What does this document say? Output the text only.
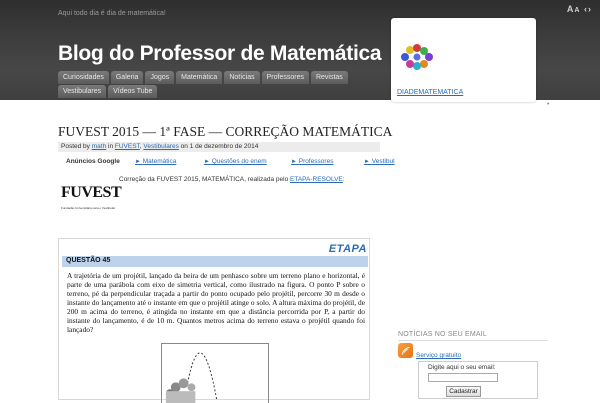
Aqui todo dia é dia de matemática!	AA ‹›
Blog do Professor de Matemática
Curiosidades	Galeria	Jogos	Matemática	Notícias	Professores	Revistas
Vestibulares	Vídeos Tube	DIADEMATEMATICA
•
FUVEST 2015 — 1ª FASE — CORREÇÃO MATEMÁTICA
Posted by math in FUVEST, Vestibulares on 1 de dezembro de 2014
Anúncios Google	► Matemática	► Questões do enem	► Professores	► Vestibul
FUVEST
Fundação Universitária para o Vestibular
Correção da FUVEST 2015, MATEMÁTICA, realizada pelo ETAPA-RESOLVE:
ETAPA
QUESTÃO 45
A trajetória de um projétil, lançado da beira de um penhasco sobre um terreno plano e horizontal, é parte de uma parábola com eixo de simetria vertical, como ilustrado na figura. O ponto P sobre o terreno, pé da perpendicular traçada a partir do ponto ocupado pelo projétil, percorre 30 m desde o instante do lançamento até o instante em que o projétil atinge o solo. A altura máxima do projétil, de 200 m acima do terreno, é atingida no instante em que a distância percorrida por P, a partir do instante do lançamento, é de 10 m. Quantos metros acima do terreno estava o projétil quando foi lançado?
NOTÍCIAS NO SEU EMAIL
Serviço gratuito
Digite aqui o seu email:
Cadastrar
